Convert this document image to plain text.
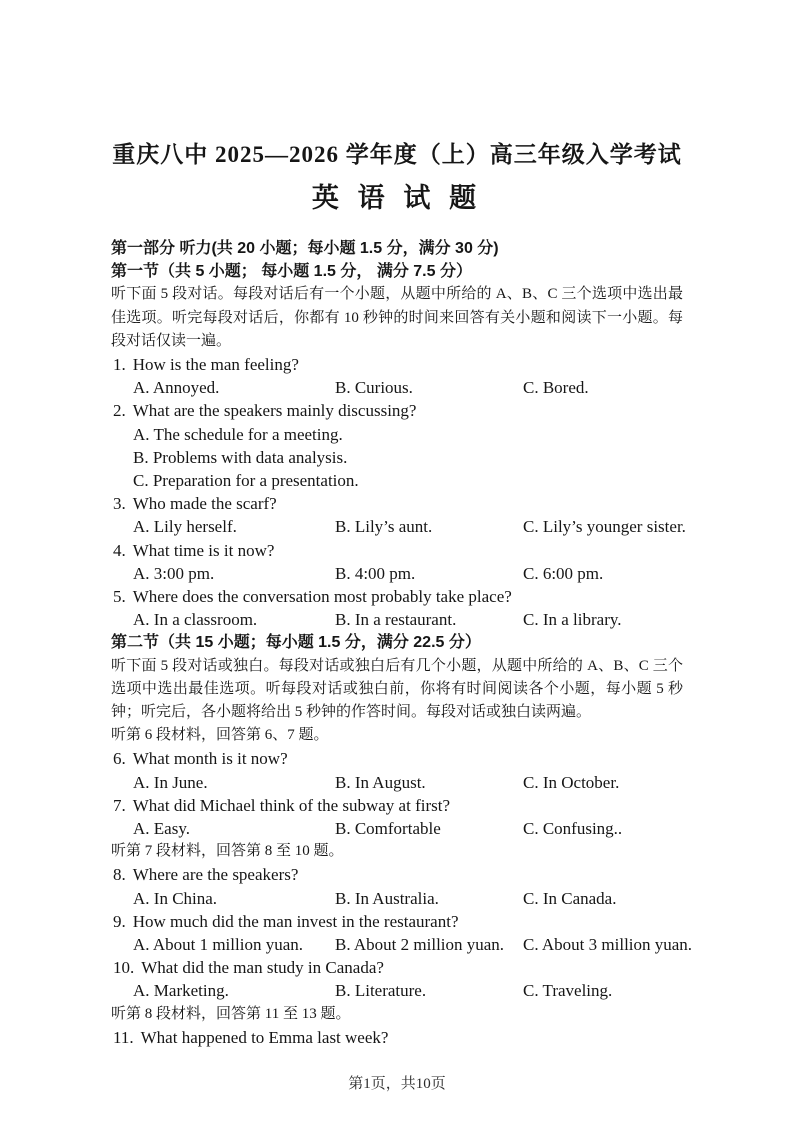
重庆八中 2025—2026 学年度（上）高三年级入学考试
英 语 试 题
第一部分 听力(共 20 小题；每小题 1.5 分，满分 30 分)
第一节（共 5 小题； 每小题 1.5 分， 满分 7.5 分）
听下面 5 段对话。每段对话后有一个小题，从题中所给的 A、B、C 三个选项中选出最佳选项。听完每段对话后，你都有 10 秒钟的时间来回答有关小题和阅读下一小题。每段对话仅读一遍。
1. How is the man feeling?
A. Annoyed.	B. Curious.	C. Bored.
2. What are the speakers mainly discussing?
A. The schedule for a meeting.
B. Problems with data analysis.
C. Preparation for a presentation.
3. Who made the scarf?
A. Lily herself.	B. Lily’s aunt.	C. Lily’s younger sister.
4. What time is it now?
A. 3:00 pm.	B. 4:00 pm.	C. 6:00 pm.
5. Where does the conversation most probably take place?
A. In a classroom.	B. In a restaurant.	C. In a library.
第二节（共 15 小题；每小题 1.5 分，满分 22.5 分）
听下面 5 段对话或独白。每段对话或独白后有几个小题，从题中所给的 A、B、C 三个选项中选出最佳选项。听每段对话或独白前，你将有时间阅读各个小题，每小题 5 秒钟；听完后，各小题将给出 5 秒钟的作答时间。每段对话或独白读两遍。
听第 6 段材料，回答第 6、7 题。
6. What month is it now?
A. In June.	B. In August.	C. In October.
7. What did Michael think of the subway at first?
A. Easy.	B. Comfortable	C. Confusing..
听第 7 段材料，回答第 8 至 10 题。
8. Where are the speakers?
A. In China.	B. In Australia.	C. In Canada.
9. How much did the man invest in the restaurant?
A. About 1 million yuan. B. About 2 million yuan. C. About 3 million yuan.
10. What did the man study in Canada?
A. Marketing.	B. Literature.	C. Traveling.
听第 8 段材料，回答第 11 至 13 题。
11. What happened to Emma last week?
第1页，共10页
